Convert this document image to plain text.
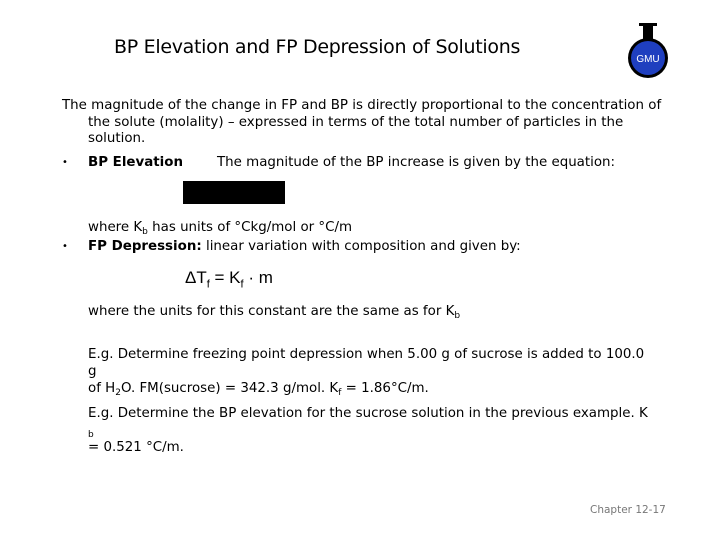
BP Elevation and FP Depression of Solutions
GMU
The magnitude of the change in FP and BP is directly proportional to the concentration of
the solute (molality) – expressed in terms of the total number of particles in the
solution.
• BP Elevation	The magnitude of the BP increase is given by the equation:
where $K_b$ has units of °Ckg/mol or °C/m
• FP Depression: linear variation with composition and given by:
$\Delta T_f = K_f \cdot m$
where the units for this constant are the same as for $K_b$
E.g. Determine freezing point depression when 5.00 g of sucrose is added to 100.0 g
of $H_2O$. FM(sucrose) = 342.3 g/mol. $K_f = 1.86^\circ C/m$.
E.g. Determine the BP elevation for the sucrose solution in the previous example. K $_b$
= 0.521 °C/m.
Chapter 12-17
